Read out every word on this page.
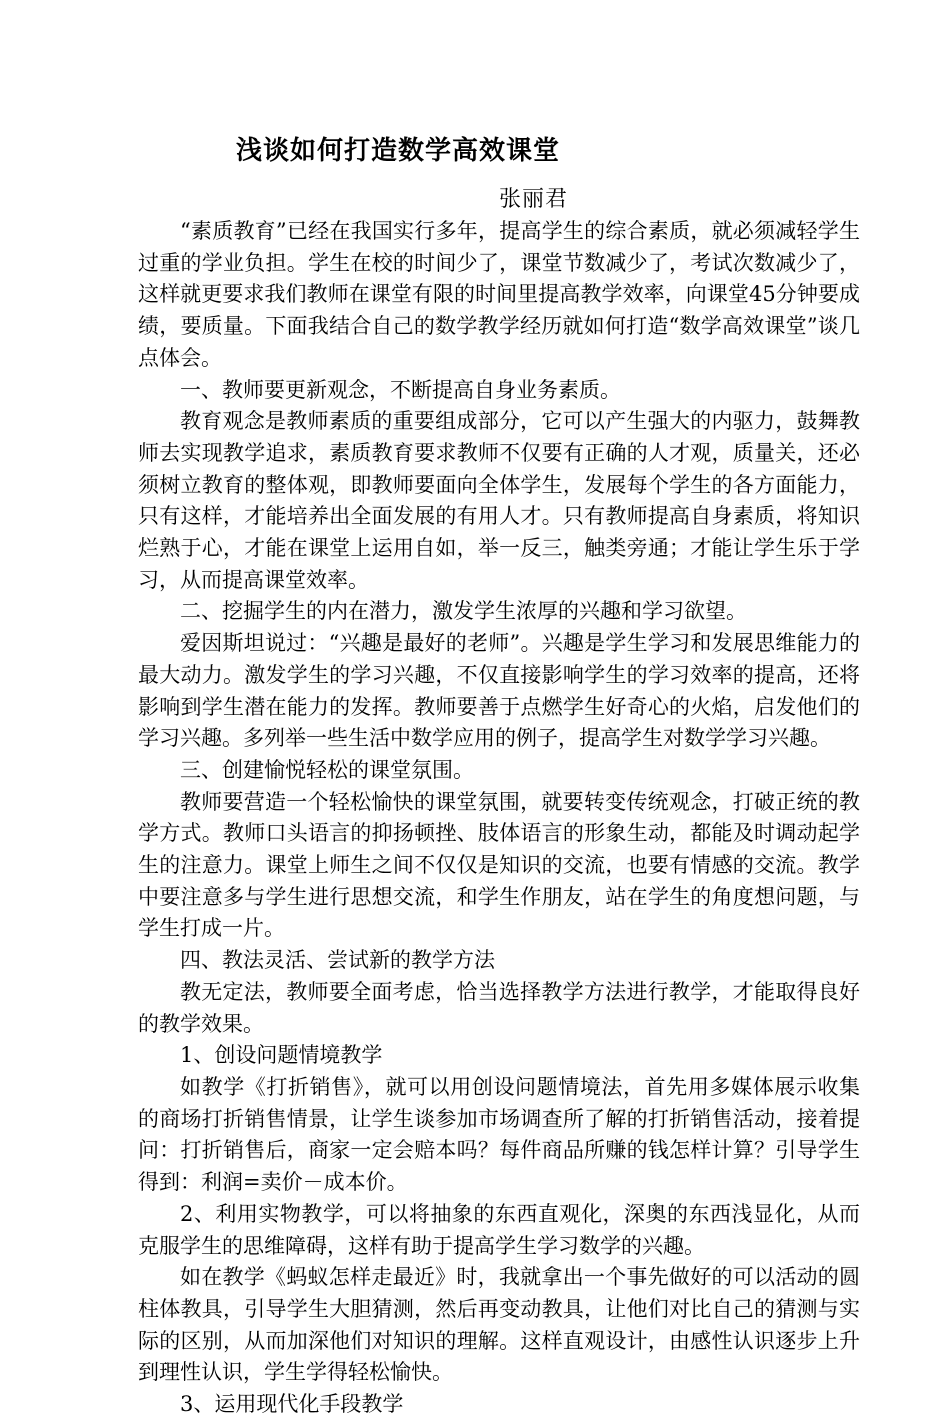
浅谈如何打造数学高效课堂
张丽君

“素质教育”已经在我国实行多年，提高学生的综合素质，就必须减轻学生过重的学业负担。学生在校的时间少了，课堂节数减少了，考试次数减少了，这样就更要求我们教师在课堂有限的时间里提高教学效率，向课堂45分钟要成绩，要质量。下面我结合自己的数学教学经历就如何打造“数学高效课堂”谈几点体会。

一、教师要更新观念，不断提高自身业务素质。

教育观念是教师素质的重要组成部分，它可以产生强大的内驱力，鼓舞教师去实现教学追求，素质教育要求教师不仅要有正确的人才观，质量关，还必须树立教育的整体观，即教师要面向全体学生，发展每个学生的各方面能力，只有这样，才能培养出全面发展的有用人才。只有教师提高自身素质，将知识烂熟于心，才能在课堂上运用自如，举一反三，触类旁通；才能让学生乐于学习，从而提高课堂效率。

二、挖掘学生的内在潜力，激发学生浓厚的兴趣和学习欲望。

爱因斯坦说过：“兴趣是最好的老师”。兴趣是学生学习和发展思维能力的最大动力。激发学生的学习兴趣，不仅直接影响学生的学习效率的提高，还将影响到学生潜在能力的发挥。教师要善于点燃学生好奇心的火焰，启发他们的学习兴趣。多列举一些生活中数学应用的例子，提高学生对数学学习兴趣。

三、创建愉悦轻松的课堂氛围。

教师要营造一个轻松愉快的课堂氛围，就要转变传统观念，打破正统的教学方式。教师口头语言的抑扬顿挫、肢体语言的形象生动，都能及时调动起学生的注意力。课堂上师生之间不仅仅是知识的交流，也要有情感的交流。教学中要注意多与学生进行思想交流，和学生作朋友，站在学生的角度想问题，与学生打成一片。

四、教法灵活、尝试新的教学方法

教无定法，教师要全面考虑，恰当选择教学方法进行教学，才能取得良好的教学效果。

1、创设问题情境教学

如教学《打折销售》，就可以用创设问题情境法，首先用多媒体展示收集的商场打折销售情景，让学生谈参加市场调查所了解的打折销售活动，接着提问：打折销售后，商家一定会赔本吗？每件商品所赚的钱怎样计算？引导学生得到：利润=卖价－成本价。

2、利用实物教学，可以将抽象的东西直观化，深奥的东西浅显化，从而克服学生的思维障碍，这样有助于提高学生学习数学的兴趣。

如在教学《蚂蚁怎样走最近》时，我就拿出一个事先做好的可以活动的圆柱体教具，引导学生大胆猜测，然后再变动教具，让他们对比自己的猜测与实际的区别，从而加深他们对知识的理解。这样直观设计，由感性认识逐步上升到理性认识，学生学得轻松愉快。

3、运用现代化手段教学
